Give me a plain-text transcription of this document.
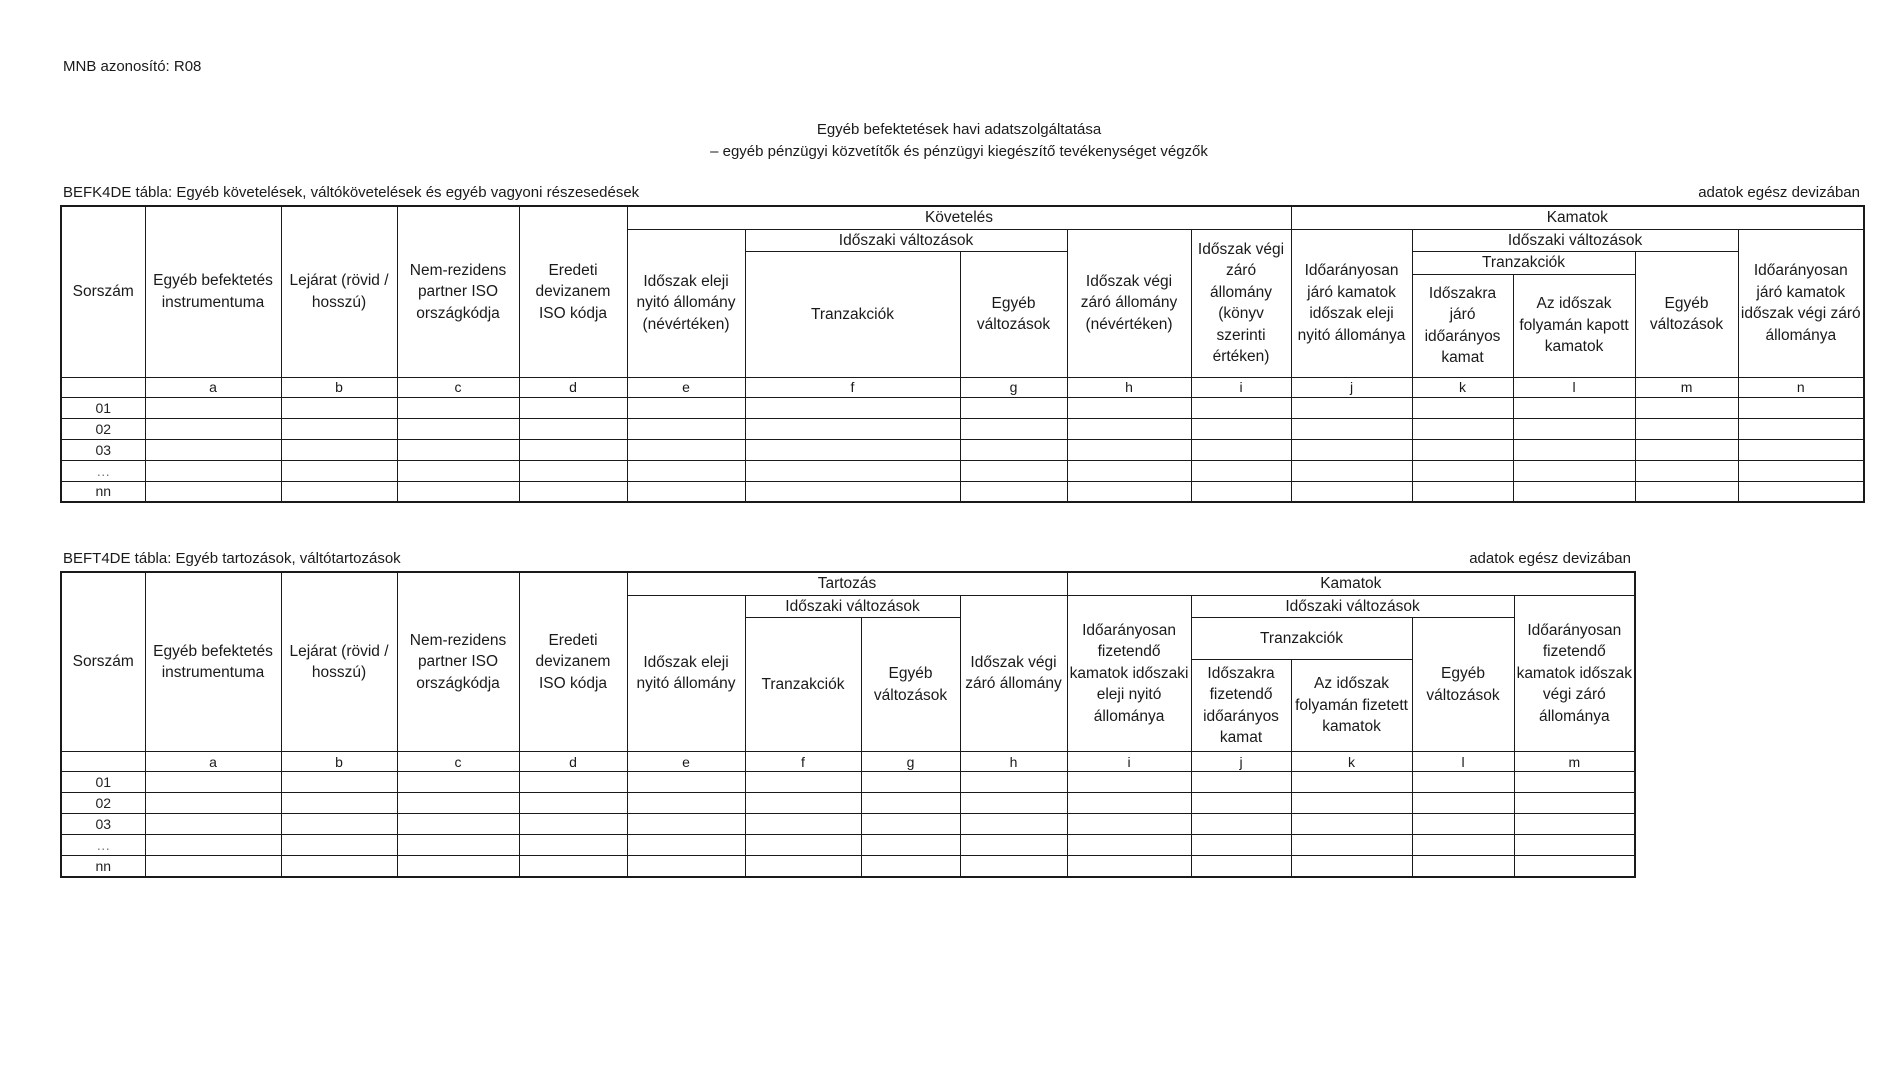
MNB azonosító: R08
Egyéb befektetések havi adatszolgáltatása
– egyéb pénzügyi közvetítők és pénzügyi kiegészítő tevékenységet végzők
BEFK4DE tábla: Egyéb követelések, váltókövetelések és egyéb vagyoni részesedések	adatok egész devizában
Sorszám	Egyéb befektetés instrumentuma	Lejárat (rövid / hosszú)	Nem-rezidens partner ISO országkódja	Eredeti devizanem ISO kódja	Követelés					Kamatok				
					Időszak eleji nyitó állomány (névértéken)	Időszaki változások		Időszak végi záró állomány (névértéken)	Időszak végi záró állomány (könyv szerinti értéken)	Időarányosan járó kamatok időszak eleji nyitó állománya	Időszaki változások			Időarányosan járó kamatok időszak végi záró állománya
						Tranzakciók	Egyéb változások				Tranzakciók		Egyéb változások	
											Időszakra járó időarányos kamat	Az időszak folyamán kapott kamatok		
	a	b	c	d	e	f	g	h	i	j	k	l	m	n
01														
02														
03														
…														
nn														
BEFT4DE tábla: Egyéb tartozások, váltótartozások	adatok egész devizában
Sorszám	Egyéb befektetés instrumentuma	Lejárat (rövid / hosszú)	Nem-rezidens partner ISO országkódja	Eredeti devizanem ISO kódja	Tartozás				Kamatok				
					Időszak eleji nyitó állomány	Időszaki változások		Időszak végi záró állomány	Időarányosan fizetendő kamatok időszaki eleji nyitó állománya	Időszaki változások			Időarányosan fizetendő kamatok időszak végi záró állománya
						Tranzakciók	Egyéb változások			Tranzakciók		Egyéb változások	
										Időszakra fizetendő időarányos kamat	Az időszak folyamán fizetett kamatok		
	a	b	c	d	e	f	g	h	i	j	k	l	m
01													
02													
03													
…													
nn													
